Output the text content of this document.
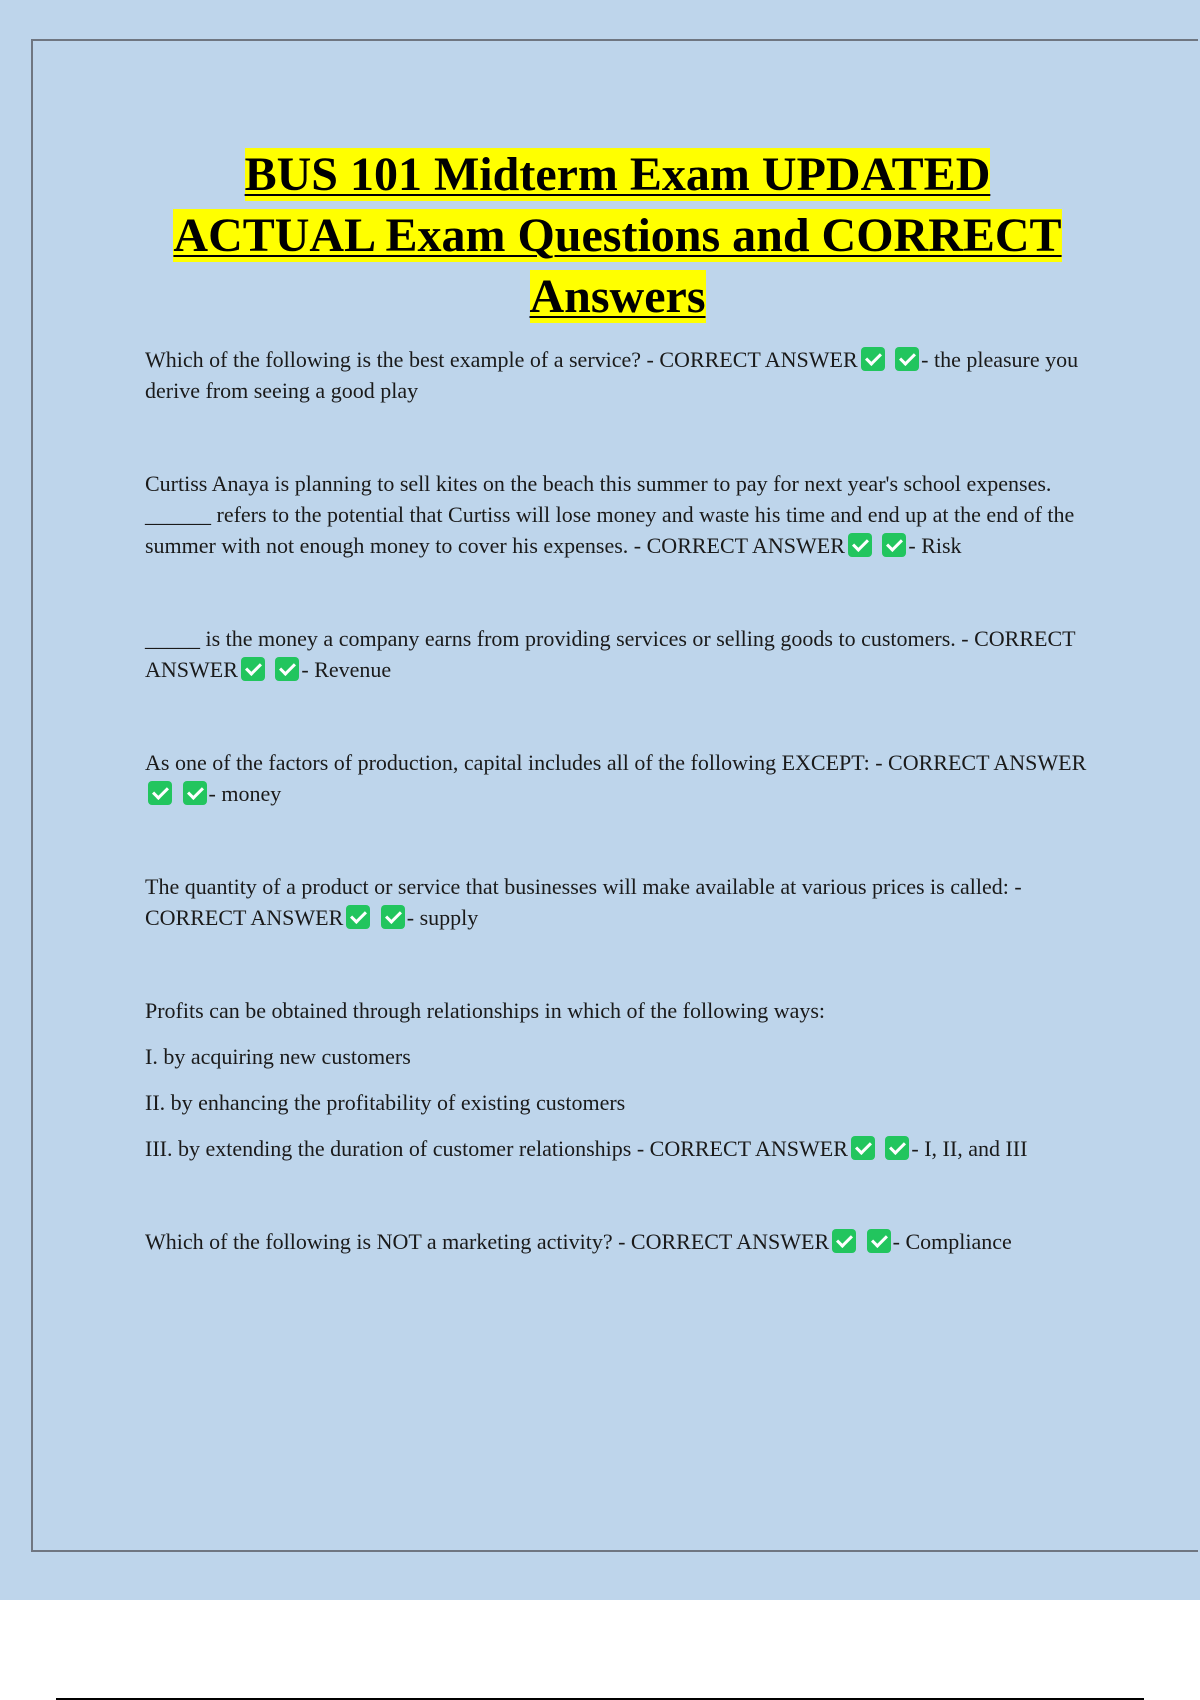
BUS 101 Midterm Exam UPDATED ACTUAL Exam Questions and CORRECT Answers

Which of the following is the best example of a service? - CORRECT ANSWER	- the pleasure you derive from seeing a good play

Curtiss Anaya is planning to sell kites on the beach this summer to pay for next year's school expenses. ______ refers to the potential that Curtiss will lose money and waste his time and end up at the end of the summer with not enough money to cover his expenses. - CORRECT ANSWER	- Risk

_____ is the money a company earns from providing services or selling goods to customers. - CORRECT ANSWER	- Revenue

As one of the factors of production, capital includes all of the following EXCEPT: - CORRECT ANSWER - money

The quantity of a product or service that businesses will make available at various prices is called: - CORRECT ANSWER	- supply

Profits can be obtained through relationships in which of the following ways:

I. by acquiring new customers

II. by enhancing the profitability of existing customers

III. by extending the duration of customer relationships - CORRECT ANSWER	- I, II, and III

Which of the following is NOT a marketing activity? - CORRECT ANSWER	- Compliance
